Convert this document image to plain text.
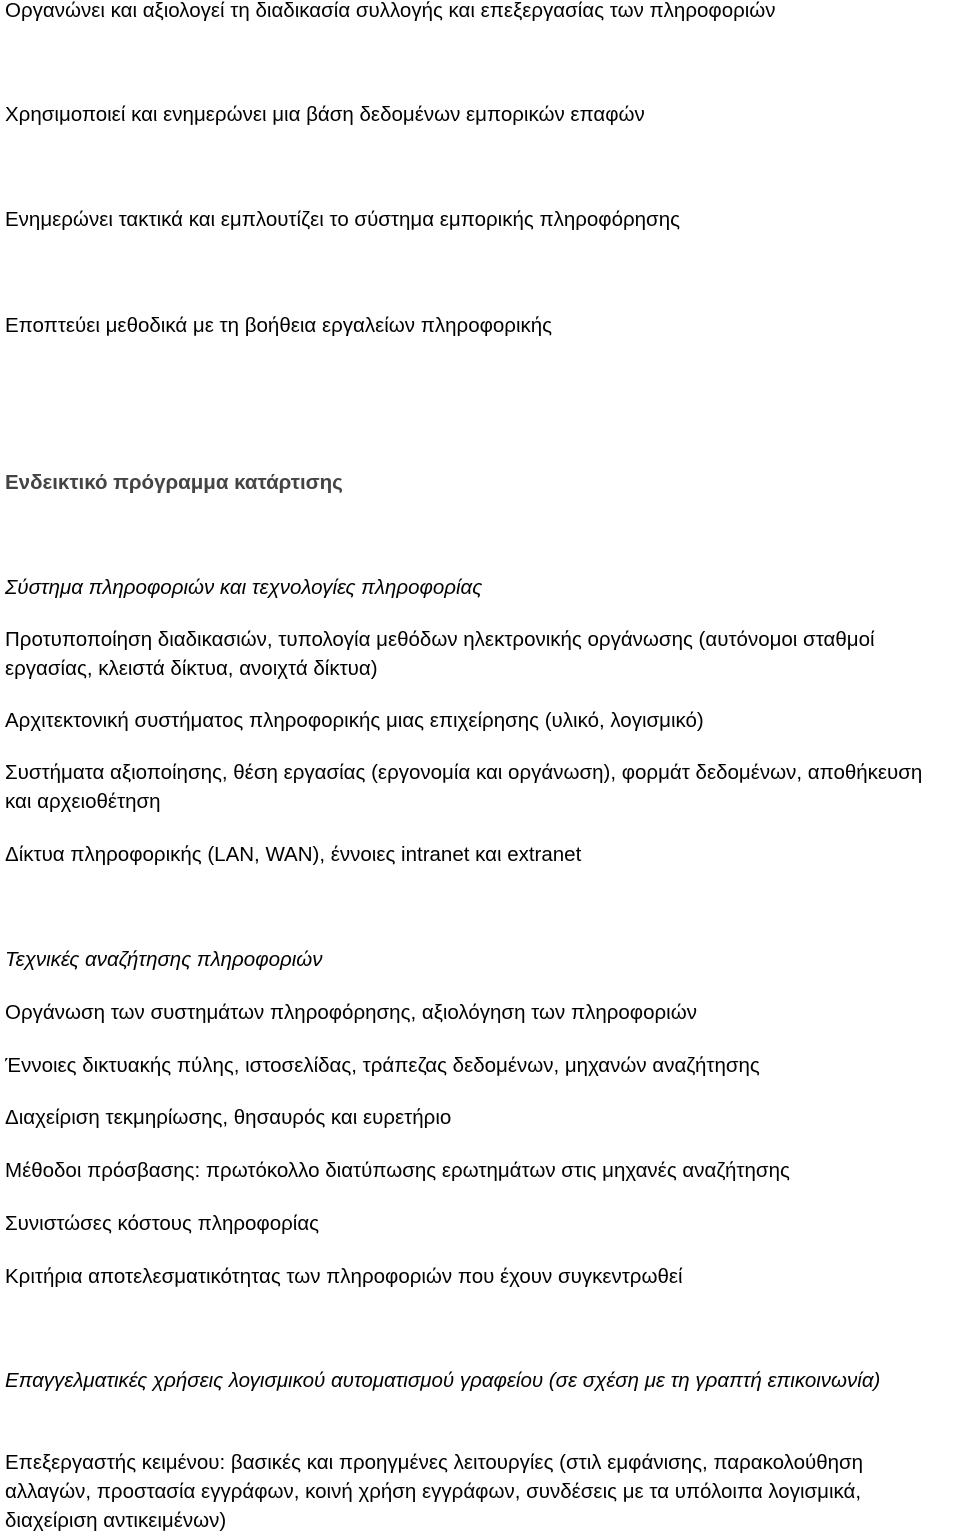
Οργανώνει και αξιολογεί τη διαδικασία συλλογής και επεξεργασίας των πληροφοριών

Χρησιμοποιεί και ενημερώνει μια βάση δεδομένων εμπορικών επαφών

Ενημερώνει τακτικά και εμπλουτίζει το σύστημα εμπορικής πληροφόρησης

Εποπτεύει μεθοδικά με τη βοήθεια εργαλείων πληροφορικής

Ενδεικτικό πρόγραμμα κατάρτισης

Σύστημα πληροφοριών και τεχνολογίες πληροφορίας

Προτυποποίηση διαδικασιών, τυπολογία μεθόδων ηλεκτρονικής οργάνωσης (αυτόνομοι σταθμοί εργασίας, κλειστά δίκτυα, ανοιχτά δίκτυα)

Αρχιτεκτονική συστήματος πληροφορικής μιας επιχείρησης (υλικό, λογισμικό)

Συστήματα αξιοποίησης, θέση εργασίας (εργονομία και οργάνωση), φορμάτ δεδομένων, αποθήκευση και αρχειοθέτηση

Δίκτυα πληροφορικής (LAN, WAN), έννοιες intranet και extranet

Τεχνικές αναζήτησης πληροφοριών

Οργάνωση των συστημάτων πληροφόρησης, αξιολόγηση των πληροφοριών

Έννοιες δικτυακής πύλης, ιστοσελίδας, τράπεζας δεδομένων, μηχανών αναζήτησης

Διαχείριση τεκμηρίωσης, θησαυρός και ευρετήριο

Μέθοδοι πρόσβασης: πρωτόκολλο διατύπωσης ερωτημάτων στις μηχανές αναζήτησης

Συνιστώσες κόστους πληροφορίας

Κριτήρια αποτελεσματικότητας των πληροφοριών που έχουν συγκεντρωθεί

Επαγγελματικές χρήσεις λογισμικού αυτοματισμού γραφείου (σε σχέση με τη γραπτή επικοινωνία)

Επεξεργαστής κειμένου: βασικές και προηγμένες λειτουργίες (στιλ εμφάνισης, παρακολούθηση αλλαγών, προστασία εγγράφων, κοινή χρήση εγγράφων, συνδέσεις με τα υπόλοιπα λογισμικά, διαχείριση αντικειμένων)
